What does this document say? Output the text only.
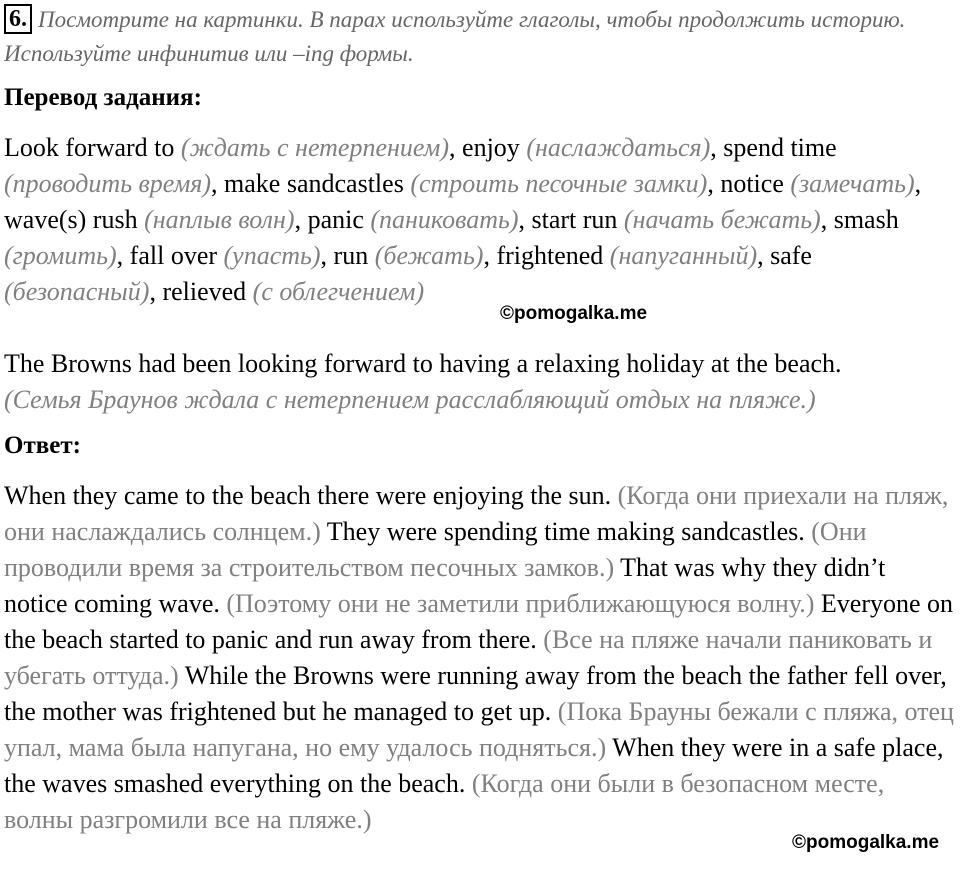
6. Посмотрите на картинки. В парах используйте глаголы, чтобы продолжить историю. Используйте инфинитив или –ing формы.
Перевод задания:
Look forward to (ждать с нетерпением), enjoy (наслаждаться), spend time (проводить время), make sandcastles (строить песочные замки), notice (замечать), wave(s) rush (наплыв волн), panic (паниковать), start run (начать бежать), smash (громить), fall over (упасть), run (бежать), frightened (напуганный), safe (безопасный), relieved (с облегчением)
©pomogalka.me
The Browns had been looking forward to having a relaxing holiday at the beach.
(Семья Браунов ждала с нетерпением расслабляющий отдых на пляже.)
Ответ:
When they came to the beach there were enjoying the sun. (Когда они приехали на пляж, они наслаждались солнцем.) They were spending time making sandcastles. (Они проводили время за строительством песочных замков.) That was why they didn’t notice coming wave. (Поэтому они не заметили приближающуюся волну.) Everyone on the beach started to panic and run away from there. (Все на пляже начали паниковать и убегать оттуда.) While the Browns were running away from the beach the father fell over, the mother was frightened but he managed to get up. (Пока Брауны бежали с пляжа, отец упал, мама была напугана, но ему удалось подняться.) When they were in a safe place, the waves smashed everything on the beach. (Когда они были в безопасном месте, волны разгромили все на пляже.)
©pomogalka.me
